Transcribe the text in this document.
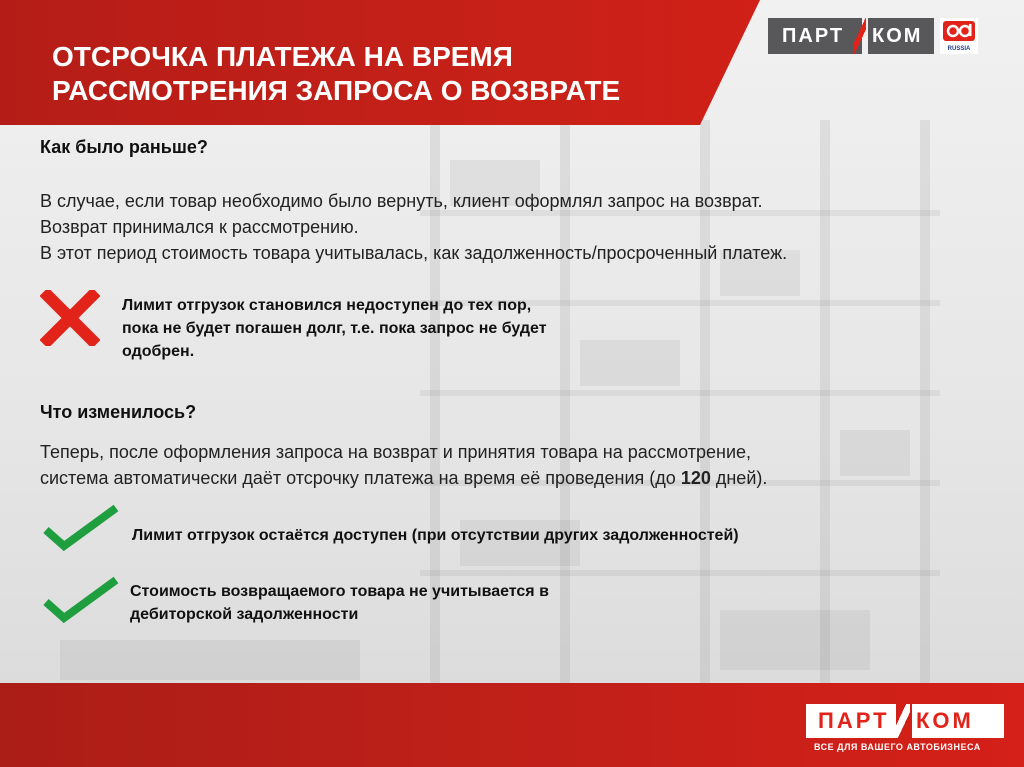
ОТСРОЧКА ПЛАТЕЖА НА ВРЕМЯ
РАССМОТРЕНИЯ ЗАПРОСА О ВОЗВРАТЕ
ПАРТ	КОМ
RUSSIA
Как было раньше?

В случае, если товар необходимо было вернуть, клиент оформлял запрос на возврат.
Возврат принимался к рассмотрению.
В этот период стоимость товара учитывалась, как задолженность/просроченный платеж.

Лимит отгрузок становился недоступен до тех пор,
пока не будет погашен долг, т.е. пока запрос не будет
одобрен.

Что изменилось?

Теперь, после оформления запроса на возврат и принятия товара на рассмотрение,
система автоматически даёт отсрочку платежа на время её проведения (до 120 дней).

Лимит отгрузок остаётся доступен (при отсутствии других задолженностей)

Стоимость возвращаемого товара не учитывается в
дебиторской задолженности

ПАРТ КОМ
ВСЕ ДЛЯ ВАШЕГО АВТОБИЗНЕСА
